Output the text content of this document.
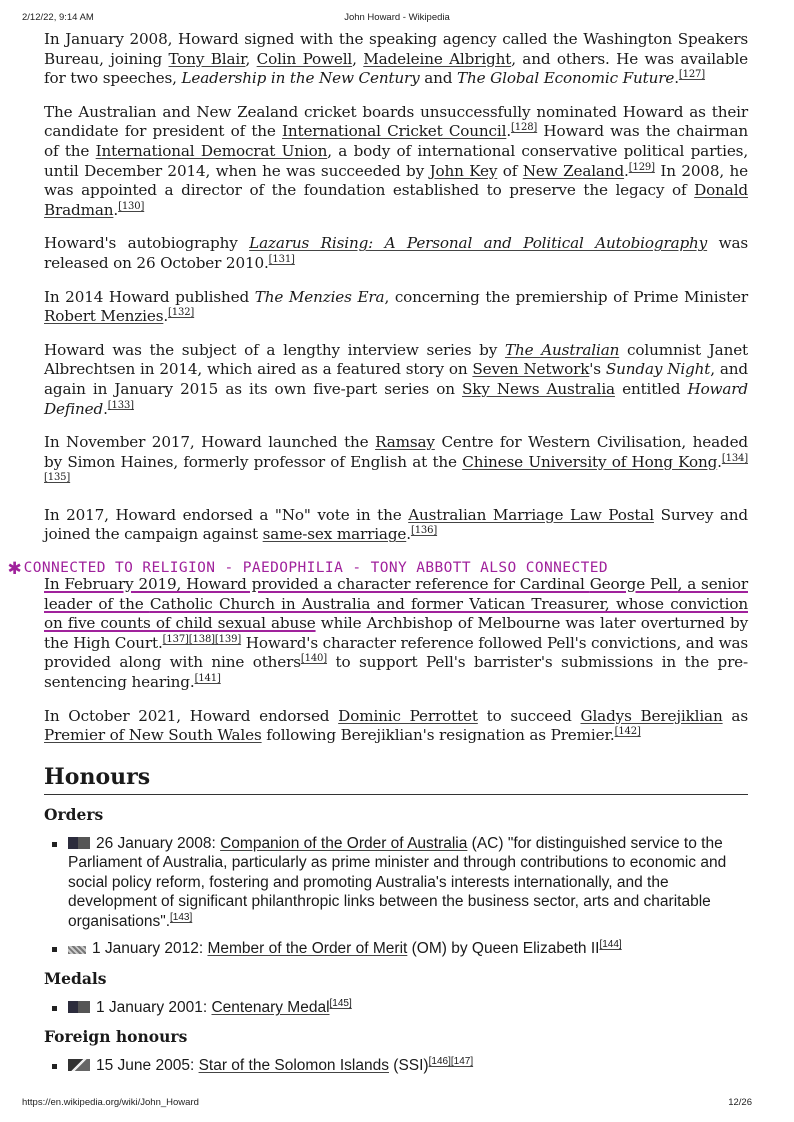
2/12/22, 9:14 AM	John Howard - Wikipedia

In January 2008, Howard signed with the speaking agency called the Washington Speakers Bureau, joining Tony Blair, Colin Powell, Madeleine Albright, and others. He was available for two speeches, Leadership in the New Century and The Global Economic Future.[127]

The Australian and New Zealand cricket boards unsuccessfully nominated Howard as their candidate for president of the International Cricket Council.[128] Howard was the chairman of the International Democrat Union, a body of international conservative political parties, until December 2014, when he was succeeded by John Key of New Zealand.[129] In 2008, he was appointed a director of the foundation established to preserve the legacy of Donald Bradman.[130]

Howard's autobiography Lazarus Rising: A Personal and Political Autobiography was released on 26 October 2010.[131]

In 2014 Howard published The Menzies Era, concerning the premiership of Prime Minister Robert Menzies.[132]

Howard was the subject of a lengthy interview series by The Australian columnist Janet Albrechtsen in 2014, which aired as a featured story on Seven Network's Sunday Night, and again in January 2015 as its own five-part series on Sky News Australia entitled Howard Defined.[133]

In November 2017, Howard launched the Ramsay Centre for Western Civilisation, headed by Simon Haines, formerly professor of English at the Chinese University of Hong Kong.[134][135]

In 2017, Howard endorsed a "No" vote in the Australian Marriage Law Postal Survey and joined the campaign against same-sex marriage.[136]

✱ CONNECTED TO RELIGION - PAEDOPHILIA - TONY ABBOTT ALSO CONNECTED

In February 2019, Howard provided a character reference for Cardinal George Pell, a senior leader of the Catholic Church in Australia and former Vatican Treasurer, whose conviction on five counts of child sexual abuse while Archbishop of Melbourne was later overturned by the High Court.[137][138][139] Howard's character reference followed Pell's convictions, and was provided along with nine others[140] to support Pell's barrister's submissions in the pre-sentencing hearing.[141]

In October 2021, Howard endorsed Dominic Perrottet to succeed Gladys Berejiklian as Premier of New South Wales following Berejiklian's resignation as Premier.[142]

Honours
Orders
26 January 2008: Companion of the Order of Australia (AC) "for distinguished service to the Parliament of Australia, particularly as prime minister and through contributions to economic and social policy reform, fostering and promoting Australia's interests internationally, and the development of significant philanthropic links between the business sector, arts and charitable organisations".[143]
1 January 2012: Member of the Order of Merit (OM) by Queen Elizabeth II[144]
Medals
1 January 2001: Centenary Medal[145]
Foreign honours
15 June 2005: Star of the Solomon Islands (SSI)[146][147]
https://en.wikipedia.org/wiki/John_Howard	12/26
